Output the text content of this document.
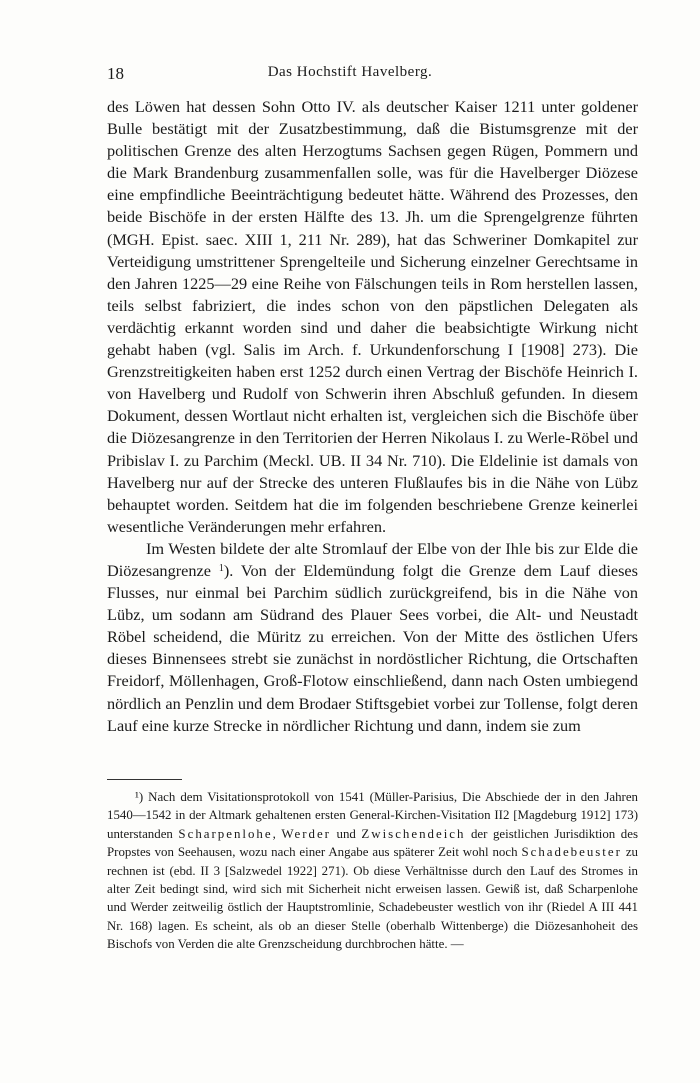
18	Das Hochstift Havelberg.

des Löwen hat dessen Sohn Otto IV. als deutscher Kaiser 1211 unter goldener Bulle bestätigt mit der Zusatzbestimmung, daß die Bistumsgrenze mit der politischen Grenze des alten Herzogtums Sachsen gegen Rügen, Pommern und die Mark Brandenburg zusammenfallen solle, was für die Havelberger Diözese eine empfindliche Beeinträchtigung bedeutet hätte. Während des Prozesses, den beide Bischöfe in der ersten Hälfte des 13. Jh. um die Sprengelgrenze führten (MGH. Epist. saec. XIII 1, 211 Nr. 289), hat das Schweriner Domkapitel zur Verteidigung umstrittener Sprengelteile und Sicherung einzelner Gerechtsame in den Jahren 1225—29 eine Reihe von Fälschungen teils in Rom herstellen lassen, teils selbst fabriziert, die indes schon von den päpstlichen Delegaten als verdächtig erkannt worden sind und daher die beabsichtigte Wirkung nicht gehabt haben (vgl. Salis im Arch. f. Urkundenforschung I [1908] 273). Die Grenzstreitigkeiten haben erst 1252 durch einen Vertrag der Bischöfe Heinrich I. von Havelberg und Rudolf von Schwerin ihren Abschluß gefunden. In diesem Dokument, dessen Wortlaut nicht erhalten ist, vergleichen sich die Bischöfe über die Diözesangrenze in den Territorien der Herren Nikolaus I. zu Werle-Röbel und Pribislav I. zu Parchim (Meckl. UB. II 34 Nr. 710). Die Eldelinie ist damals von Havelberg nur auf der Strecke des unteren Flußlaufes bis in die Nähe von Lübz behauptet worden. Seitdem hat die im folgenden beschriebene Grenze keinerlei wesentliche Veränderungen mehr erfahren.

Im Westen bildete der alte Stromlauf der Elbe von der Ihle bis zur Elde die Diözesangrenze $^1$). Von der Eldemündung folgt die Grenze dem Lauf dieses Flusses, nur einmal bei Parchim südlich zurückgreifend, bis in die Nähe von Lübz, um sodann am Südrand des Plauer Sees vorbei, die Alt- und Neustadt Röbel scheidend, die Müritz zu erreichen. Von der Mitte des östlichen Ufers dieses Binnensees strebt sie zunächst in nordöstlicher Richtung, die Ortschaften Freidorf, Möllenhagen, Groß-Flotow einschließend, dann nach Osten umbiegend nördlich an Penzlin und dem Brodaer Stiftsgebiet vorbei zur Tollense, folgt deren Lauf eine kurze Strecke in nördlicher Richtung und dann, indem sie zum

¹) Nach dem Visitationsprotokoll von 1541 (Müller-Parisius, Die Abschiede der in den Jahren 1540—1542 in der Altmark gehaltenen ersten General-Kirchen-Visitation II2 [Magdeburg 1912] 173) unterstanden Scharpenlohe, Werder und Zwischendeich der geistlichen Jurisdiktion des Propstes von Seehausen, wozu nach einer Angabe aus späterer Zeit wohl noch Schadebeuster zu rechnen ist (ebd. II 3 [Salzwedel 1922] 271). Ob diese Verhältnisse durch den Lauf des Stromes in alter Zeit bedingt sind, wird sich mit Sicherheit nicht erweisen lassen. Gewiß ist, daß Scharpenlohe und Werder zeitweilig östlich der Hauptstromlinie, Schadebeuster westlich von ihr (Riedel A III 441 Nr. 168) lagen. Es scheint, als ob an dieser Stelle (oberhalb Wittenberge) die Diözesanhoheit des Bischofs von Verden die alte Grenzscheidung durchbrochen hätte. —
